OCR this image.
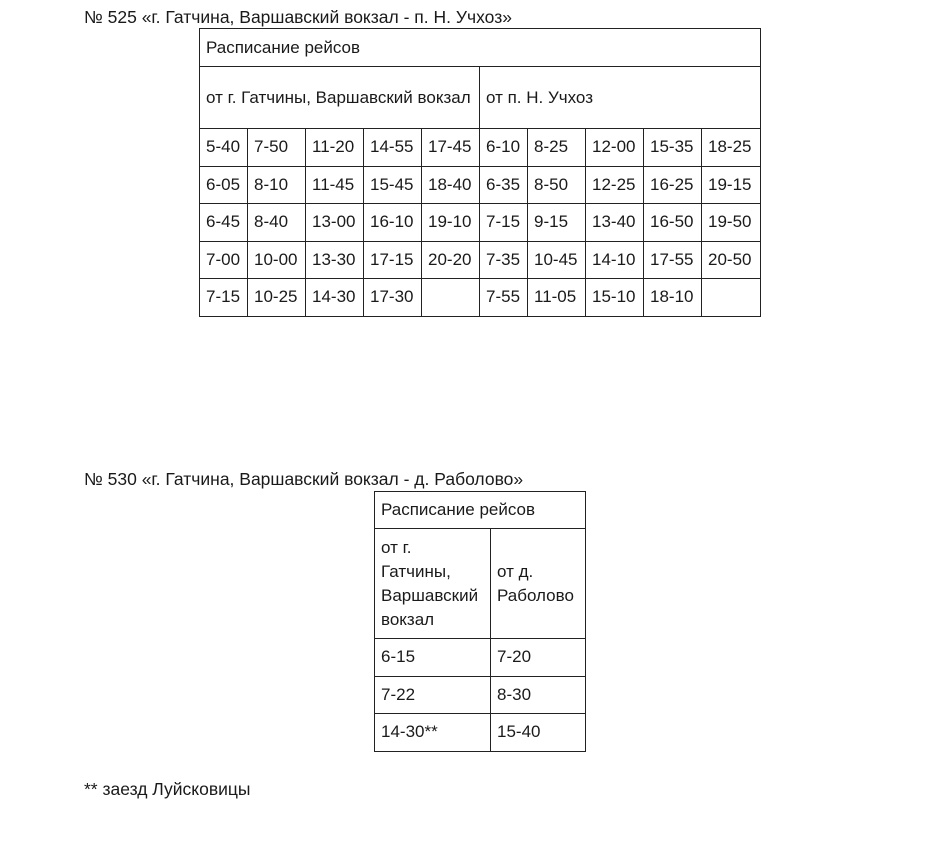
№ 525 «г. Гатчина, Варшавский вокзал - п. Н. Учхоз»
Расписание рейсов									
от г. Гатчины, Варшавский вокзал					от п. Н. Учхоз				
5-40	7-50	11-20	14-55	17-45	6-10	8-25	12-00	15-35	18-25
6-05	8-10	11-45	15-45	18-40	6-35	8-50	12-25	16-25	19-15
6-45	8-40	13-00	16-10	19-10	7-15	9-15	13-40	16-50	19-50
7-00	10-00	13-30	17-15	20-20	7-35	10-45	14-10	17-55	20-50
7-15	10-25	14-30	17-30		7-55	11-05	15-10	18-10	
№ 530 «г. Гатчина, Варшавский вокзал - д. Раболово»
Расписание рейсов	
от г. Гатчины, Варшавский вокзал	от д. Раболово
6-15	7-20
7-22	8-30
14-30**	15-40
** заезд Луйсковицы
